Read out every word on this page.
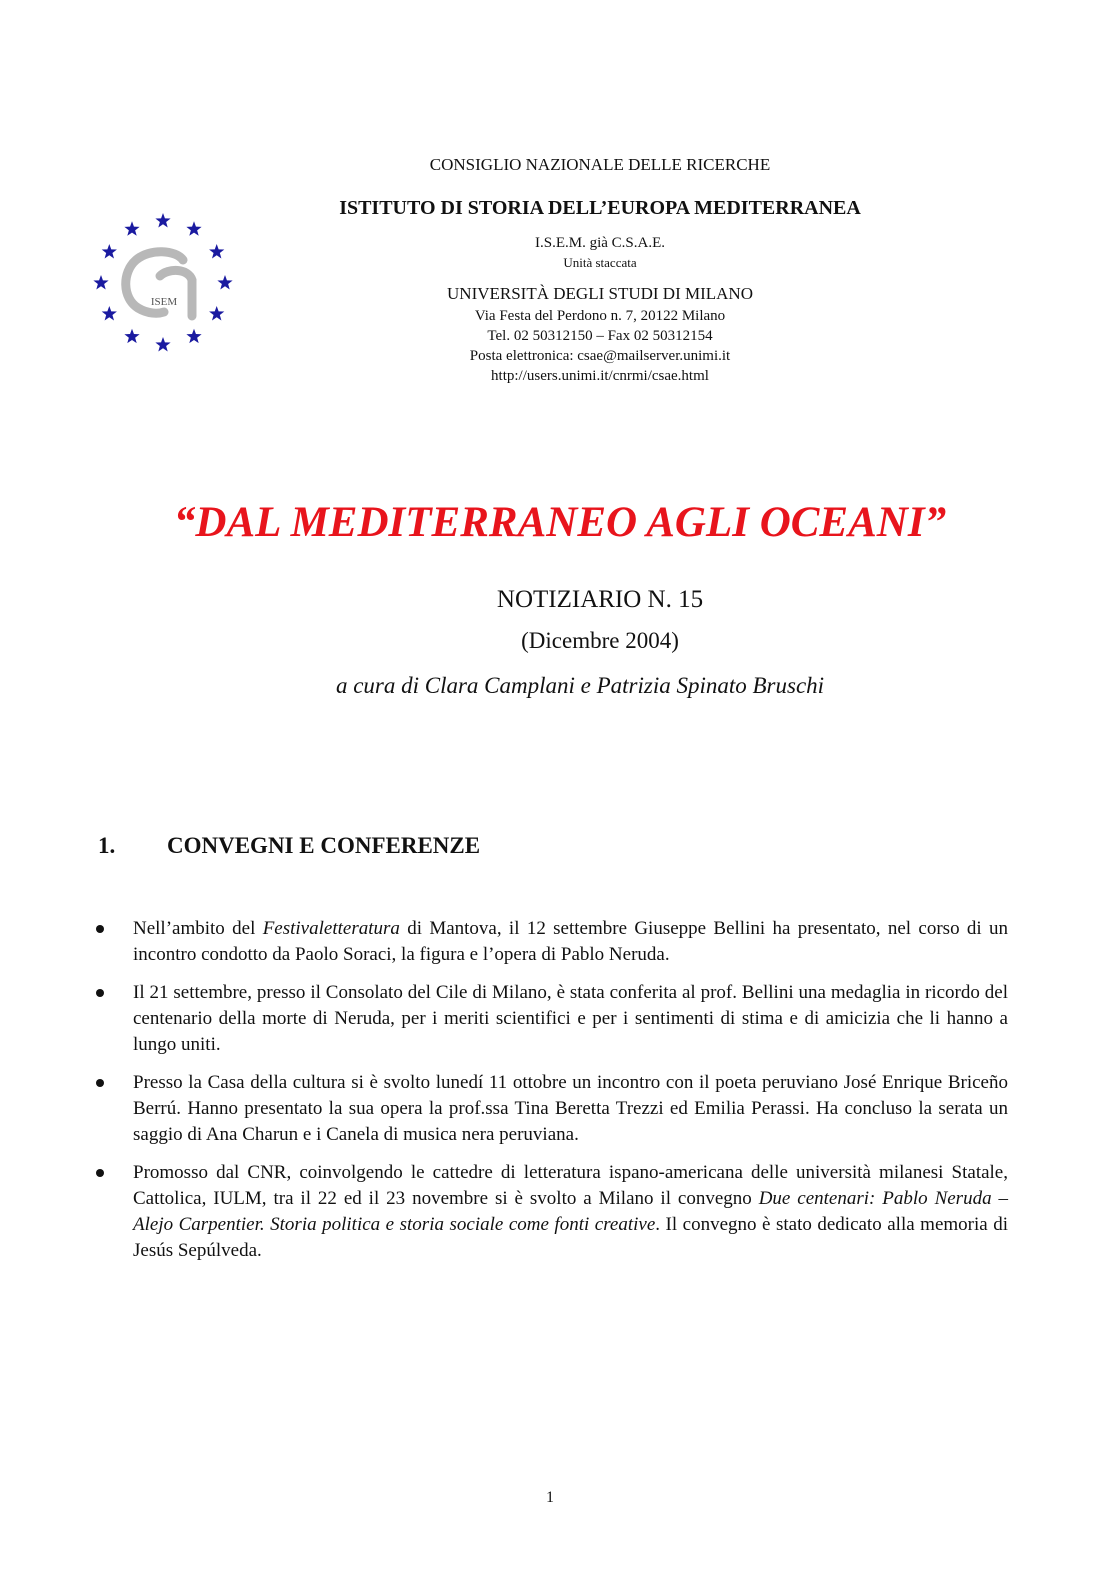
ISEM
CONSIGLIO NAZIONALE DELLE RICERCHE
ISTITUTO DI STORIA DELL’EUROPA MEDITERRANEA
I.S.E.M. già C.S.A.E.
Unità staccata
UNIVERSITÀ DEGLI STUDI DI MILANO
Via Festa del Perdono n. 7, 20122 Milano
Tel. 02 50312150 – Fax 02 50312154
Posta elettronica: csae@mailserver.unimi.it
http://users.unimi.it/cnrmi/csae.html
“DAL MEDITERRANEO AGLI OCEANI”
NOTIZIARIO N. 15
(Dicembre 2004)
a cura di Clara Camplani e Patrizia Spinato Bruschi
1. CONVEGNI E CONFERENZE
Nell’ambito del Festivaletteratura di Mantova, il 12 settembre Giuseppe Bellini ha presentato, nel corso di un incontro condotto da Paolo Soraci, la figura e l’opera di Pablo Neruda.
Il 21 settembre, presso il Consolato del Cile di Milano, è stata conferita al prof. Bellini una medaglia in ricordo del centenario della morte di Neruda, per i meriti scientifici e per i sentimenti di stima e di amicizia che li hanno a lungo uniti.
Presso la Casa della cultura si è svolto lunedí 11 ottobre un incontro con il poeta peruviano José Enrique Briceño Berrú. Hanno presentato la sua opera la prof.ssa Tina Beretta Trezzi ed Emilia Perassi. Ha concluso la serata un saggio di Ana Charun e i Canela di musica nera peruviana.
Promosso dal CNR, coinvolgendo le cattedre di letteratura ispano-americana delle università milanesi Statale, Cattolica, IULM, tra il 22 ed il 23 novembre si è svolto a Milano il convegno Due centenari: Pablo Neruda – Alejo Carpentier. Storia politica e storia sociale come fonti creative. Il convegno è stato dedicato alla memoria di Jesús Sepúlveda.
1
